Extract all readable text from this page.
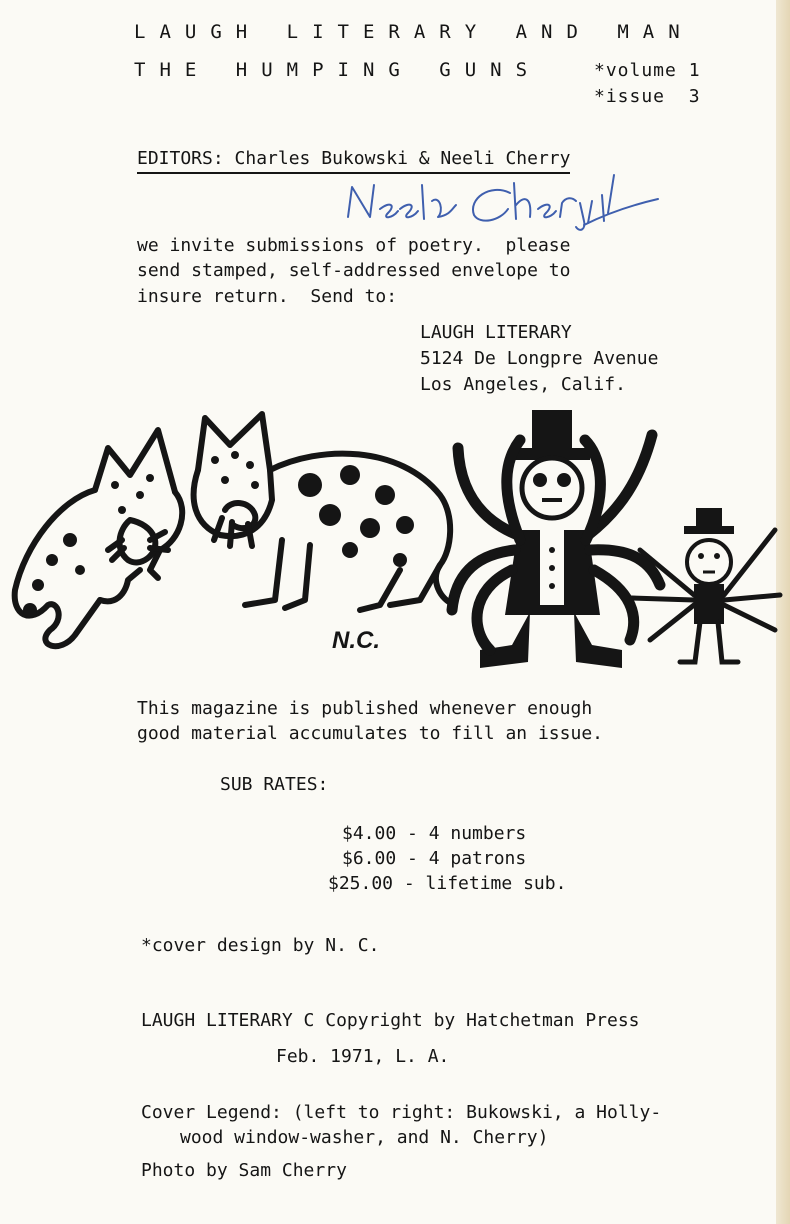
LAUGH LITERARY AND MAN
THE HUMPING GUNS	*volume 1
*issue  3
EDITORS: Charles Bukowski & Neeli Cherry
we invite submissions of poetry.  please
send stamped, self-addressed envelope to
insure return.  Send to:
LAUGH LITERARY
5124 De Longpre Avenue
Los Angeles, Calif.
N.C.
This magazine is published whenever enough
good material accumulates to fill an issue.
SUB RATES:
$4.00 - 4 numbers
$6.00 - 4 patrons
$25.00 - lifetime sub.
*cover design by N. C.
LAUGH LITERARY C Copyright by Hatchetman Press
Feb. 1971, L. A.
Cover Legend: (left to right: Bukowski, a Holly-
wood window-washer, and N. Cherry)
Photo by Sam Cherry
